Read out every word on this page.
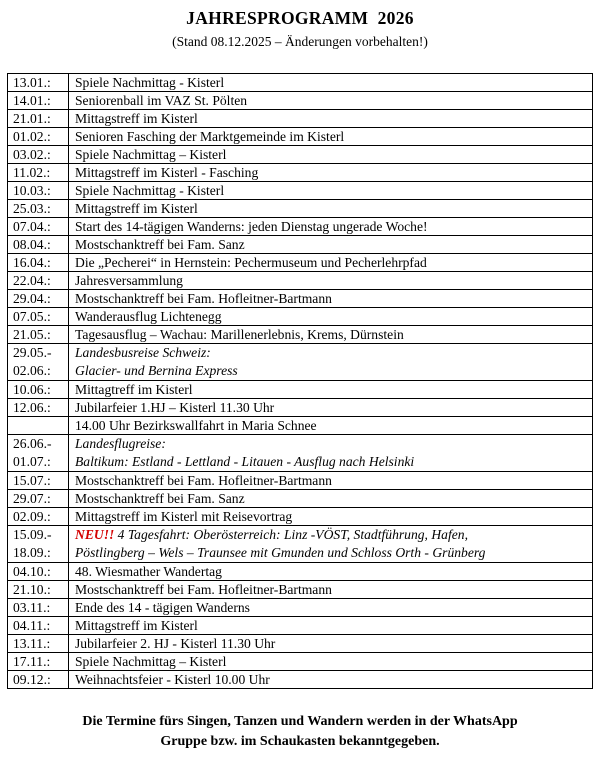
JAHRESPROGRAMM  2026
(Stand 08.12.2025 – Änderungen vorbehalten!)
13.01.:	Spiele Nachmittag - Kisterl
14.01.:	Seniorenball im VAZ St. Pölten
21.01.:	Mittagstreff im Kisterl
01.02.:	Senioren Fasching der Marktgemeinde im Kisterl
03.02.:	Spiele Nachmittag – Kisterl
11.02.:	Mittagstreff im Kisterl - Fasching
10.03.:	Spiele Nachmittag - Kisterl
25.03.:	Mittagstreff im Kisterl
07.04.:	Start des 14-tägigen Wanderns: jeden Dienstag ungerade Woche!
08.04.:	Mostschanktreff bei Fam. Sanz
16.04.:	Die „Pecherei“ in Hernstein: Pechermuseum und Pecherlehrpfad
22.04.:	Jahresversammlung
29.04.:	Mostschanktreff bei Fam. Hofleitner-Bartmann
07.05.:	Wanderausflug Lichtenegg
21.05.:	Tagesausflug – Wachau: Marillenerlebnis, Krems, Dürnstein

29.05.-
02.06.:	Landesbusreise Schweiz:
Glacier- und Bernina Express

10.06.:	Mittagtreff im Kisterl
12.06.:	Jubilarfeier 1.HJ – Kisterl 11.30 Uhr
	14.00 Uhr Bezirkswallfahrt in Maria Schnee

26.06.-
01.07.:	Landesflugreise:
Baltikum: Estland - Lettland - Litauen - Ausflug nach Helsinki

15.07.:	Mostschanktreff bei Fam. Hofleitner-Bartmann
29.07.:	Mostschanktreff bei Fam. Sanz
02.09.:	Mittagstreff im Kisterl mit Reisevortrag

15.09.-
18.09.:	NEU!! 4 Tagesfahrt: Oberösterreich: Linz -VÖST, Stadtführung, Hafen,
Pöstlingberg – Wels – Traunsee mit Gmunden und Schloss Orth - Grünberg

04.10.:	48. Wiesmather Wandertag
21.10.:	Mostschanktreff bei Fam. Hofleitner-Bartmann
03.11.:	Ende des 14 - tägigen Wanderns
04.11.:	Mittagstreff im Kisterl
13.11.:	Jubilarfeier 2. HJ - Kisterl 11.30 Uhr
17.11.:	Spiele Nachmittag – Kisterl
09.12.:	Weihnachtsfeier - Kisterl 10.00 Uhr
Die Termine fürs Singen, Tanzen und Wandern werden in der WhatsApp
Gruppe bzw. im Schaukasten bekanntgegeben.
